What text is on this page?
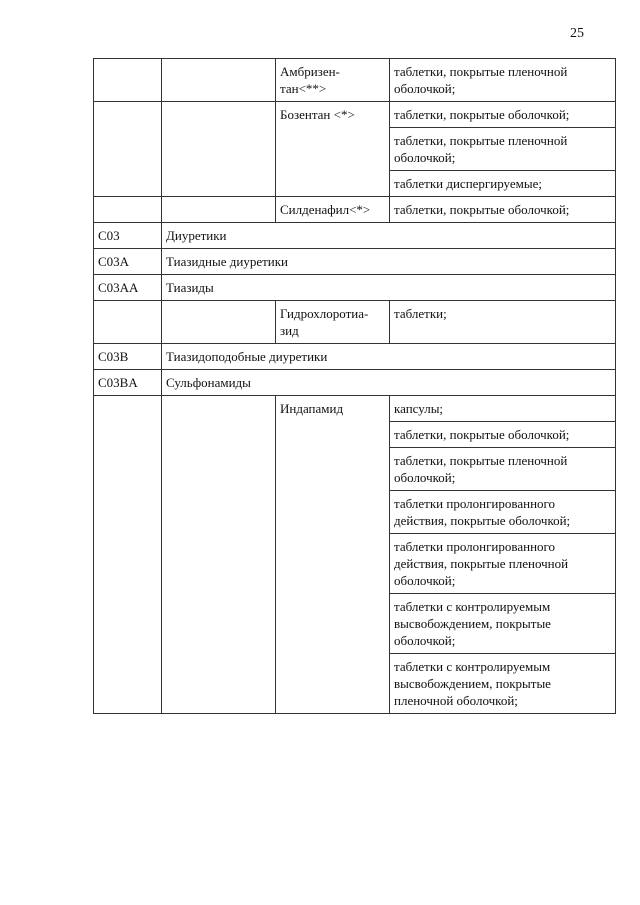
25
		Амбризен-тан<**>	таблетки, покрытые пленочной оболочкой;
		Бозентан <*>	таблетки, покрытые оболочкой;
			таблетки, покрытые пленочной оболочкой;
			таблетки диспергируемые;
		Силденафил<*>	таблетки, покрытые оболочкой;
C03	Диуретики		
C03A	Тиазидные диуретики		
C03AA	Тиазиды		
		Гидрохлоротиа-зид	таблетки;
C03B	Тиазидоподобные диуретики		
C03BA	Сульфонамиды		
		Индапамид	капсулы;
			таблетки, покрытые оболочкой;
			таблетки, покрытые пленочной оболочкой;
			таблетки пролонгированного действия, покрытые оболочкой;
			таблетки пролонгированного действия, покрытые пленочной оболочкой;
			таблетки с контролируемым высвобождением, покрытые оболочкой;
			таблетки с контролируемым высвобождением, покрытые пленочной оболочкой;
